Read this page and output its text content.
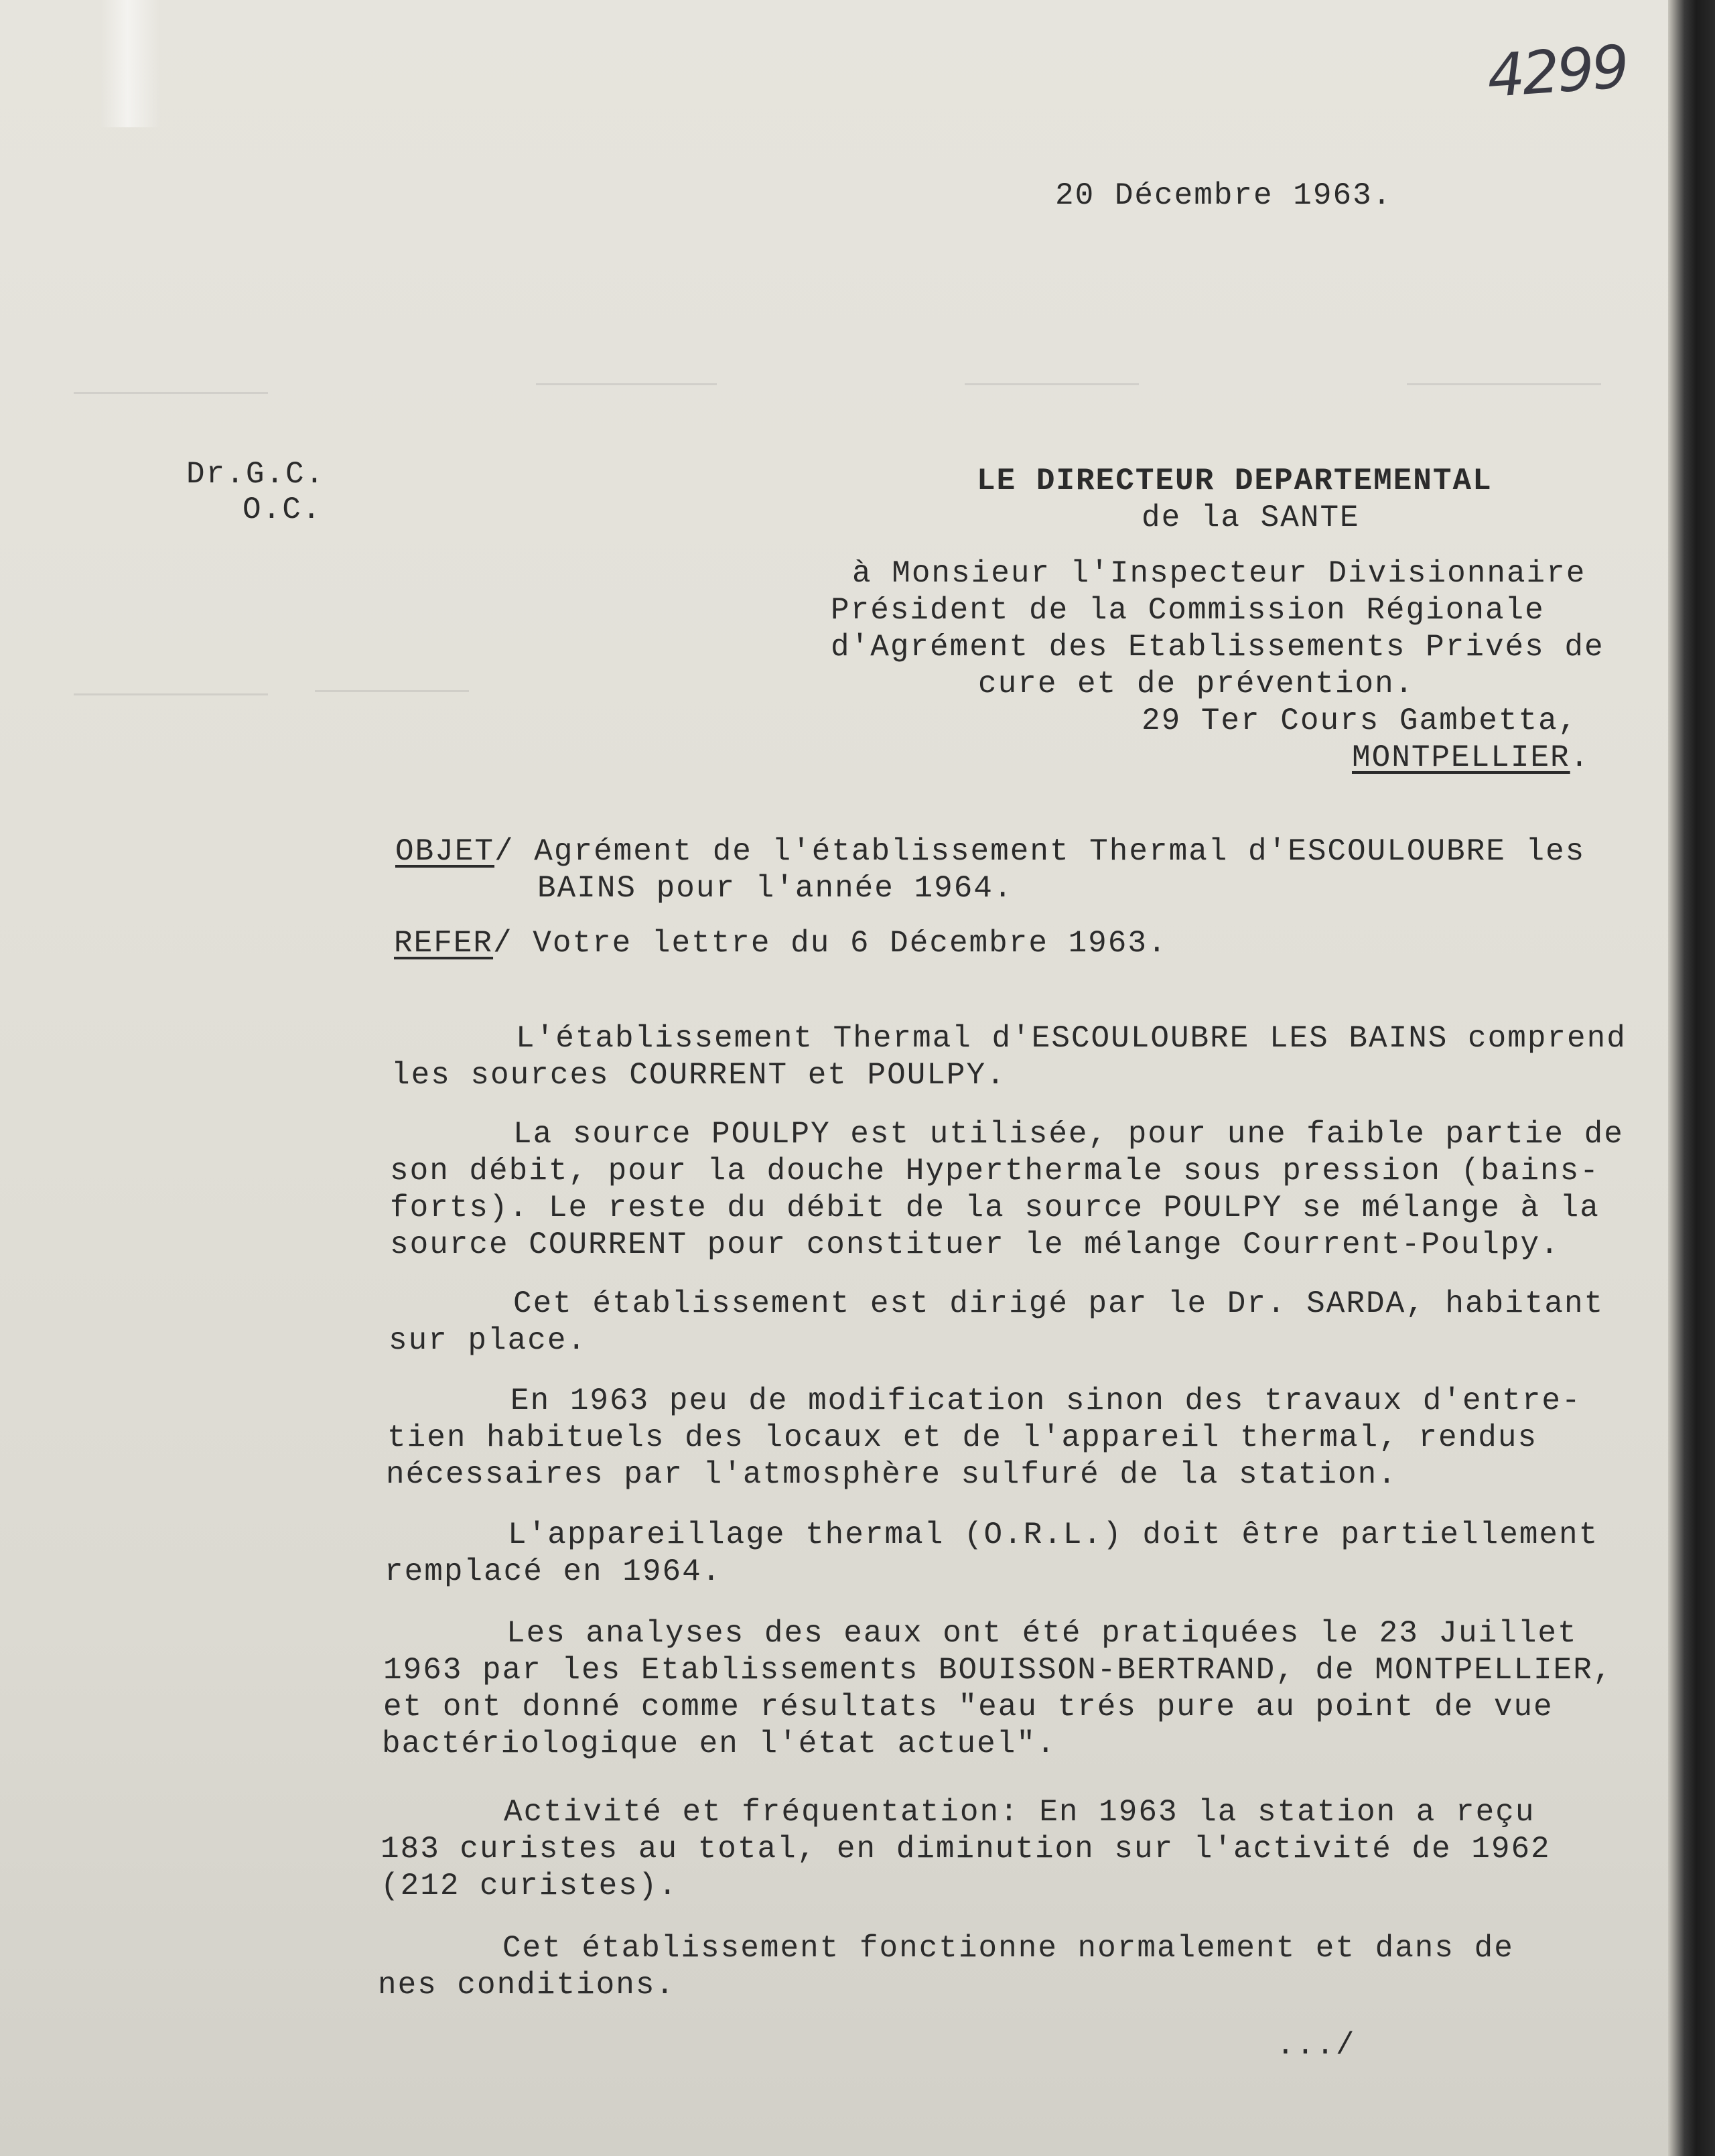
4299

20 Décembre 1963.

Dr.G.C.

O.C.

LE DIRECTEUR DEPARTEMENTAL

de la SANTE

à Monsieur l'Inspecteur Divisionnaire

Président de la Commission Régionale

d'Agrément des Etablissements Privés de

cure et de prévention.

29 Ter Cours Gambetta,

MONTPELLIER.

OBJET/ Agrément de l'établissement Thermal d'ESCOULOUBRE les

BAINS pour l'année 1964.

REFER/ Votre lettre du 6 Décembre 1963.

L'établissement Thermal d'ESCOULOUBRE LES BAINS comprend

les sources COURRENT et POULPY.

La source POULPY est utilisée, pour une faible partie de

son débit, pour la douche Hyperthermale sous pression (bains-

forts). Le reste du débit de la source POULPY se mélange à la

source COURRENT pour constituer le mélange Courrent-Poulpy.

Cet établissement est dirigé par le Dr. SARDA, habitant

sur place.

En 1963 peu de modification sinon des travaux d'entre-

tien habituels des locaux et de l'appareil thermal, rendus

nécessaires par l'atmosphère sulfuré de la station.

L'appareillage thermal (O.R.L.) doit être partiellement

remplacé en 1964.

Les analyses des eaux ont été pratiquées le 23 Juillet

1963 par les Etablissements BOUISSON-BERTRAND, de MONTPELLIER,

et ont donné comme résultats "eau trés pure au point de vue

bactériologique en l'état actuel".

Activité et fréquentation: En 1963 la station a reçu

183 curistes au total, en diminution sur l'activité de 1962

(212 curistes).

Cet établissement fonctionne normalement et dans de

nes conditions.

.../
